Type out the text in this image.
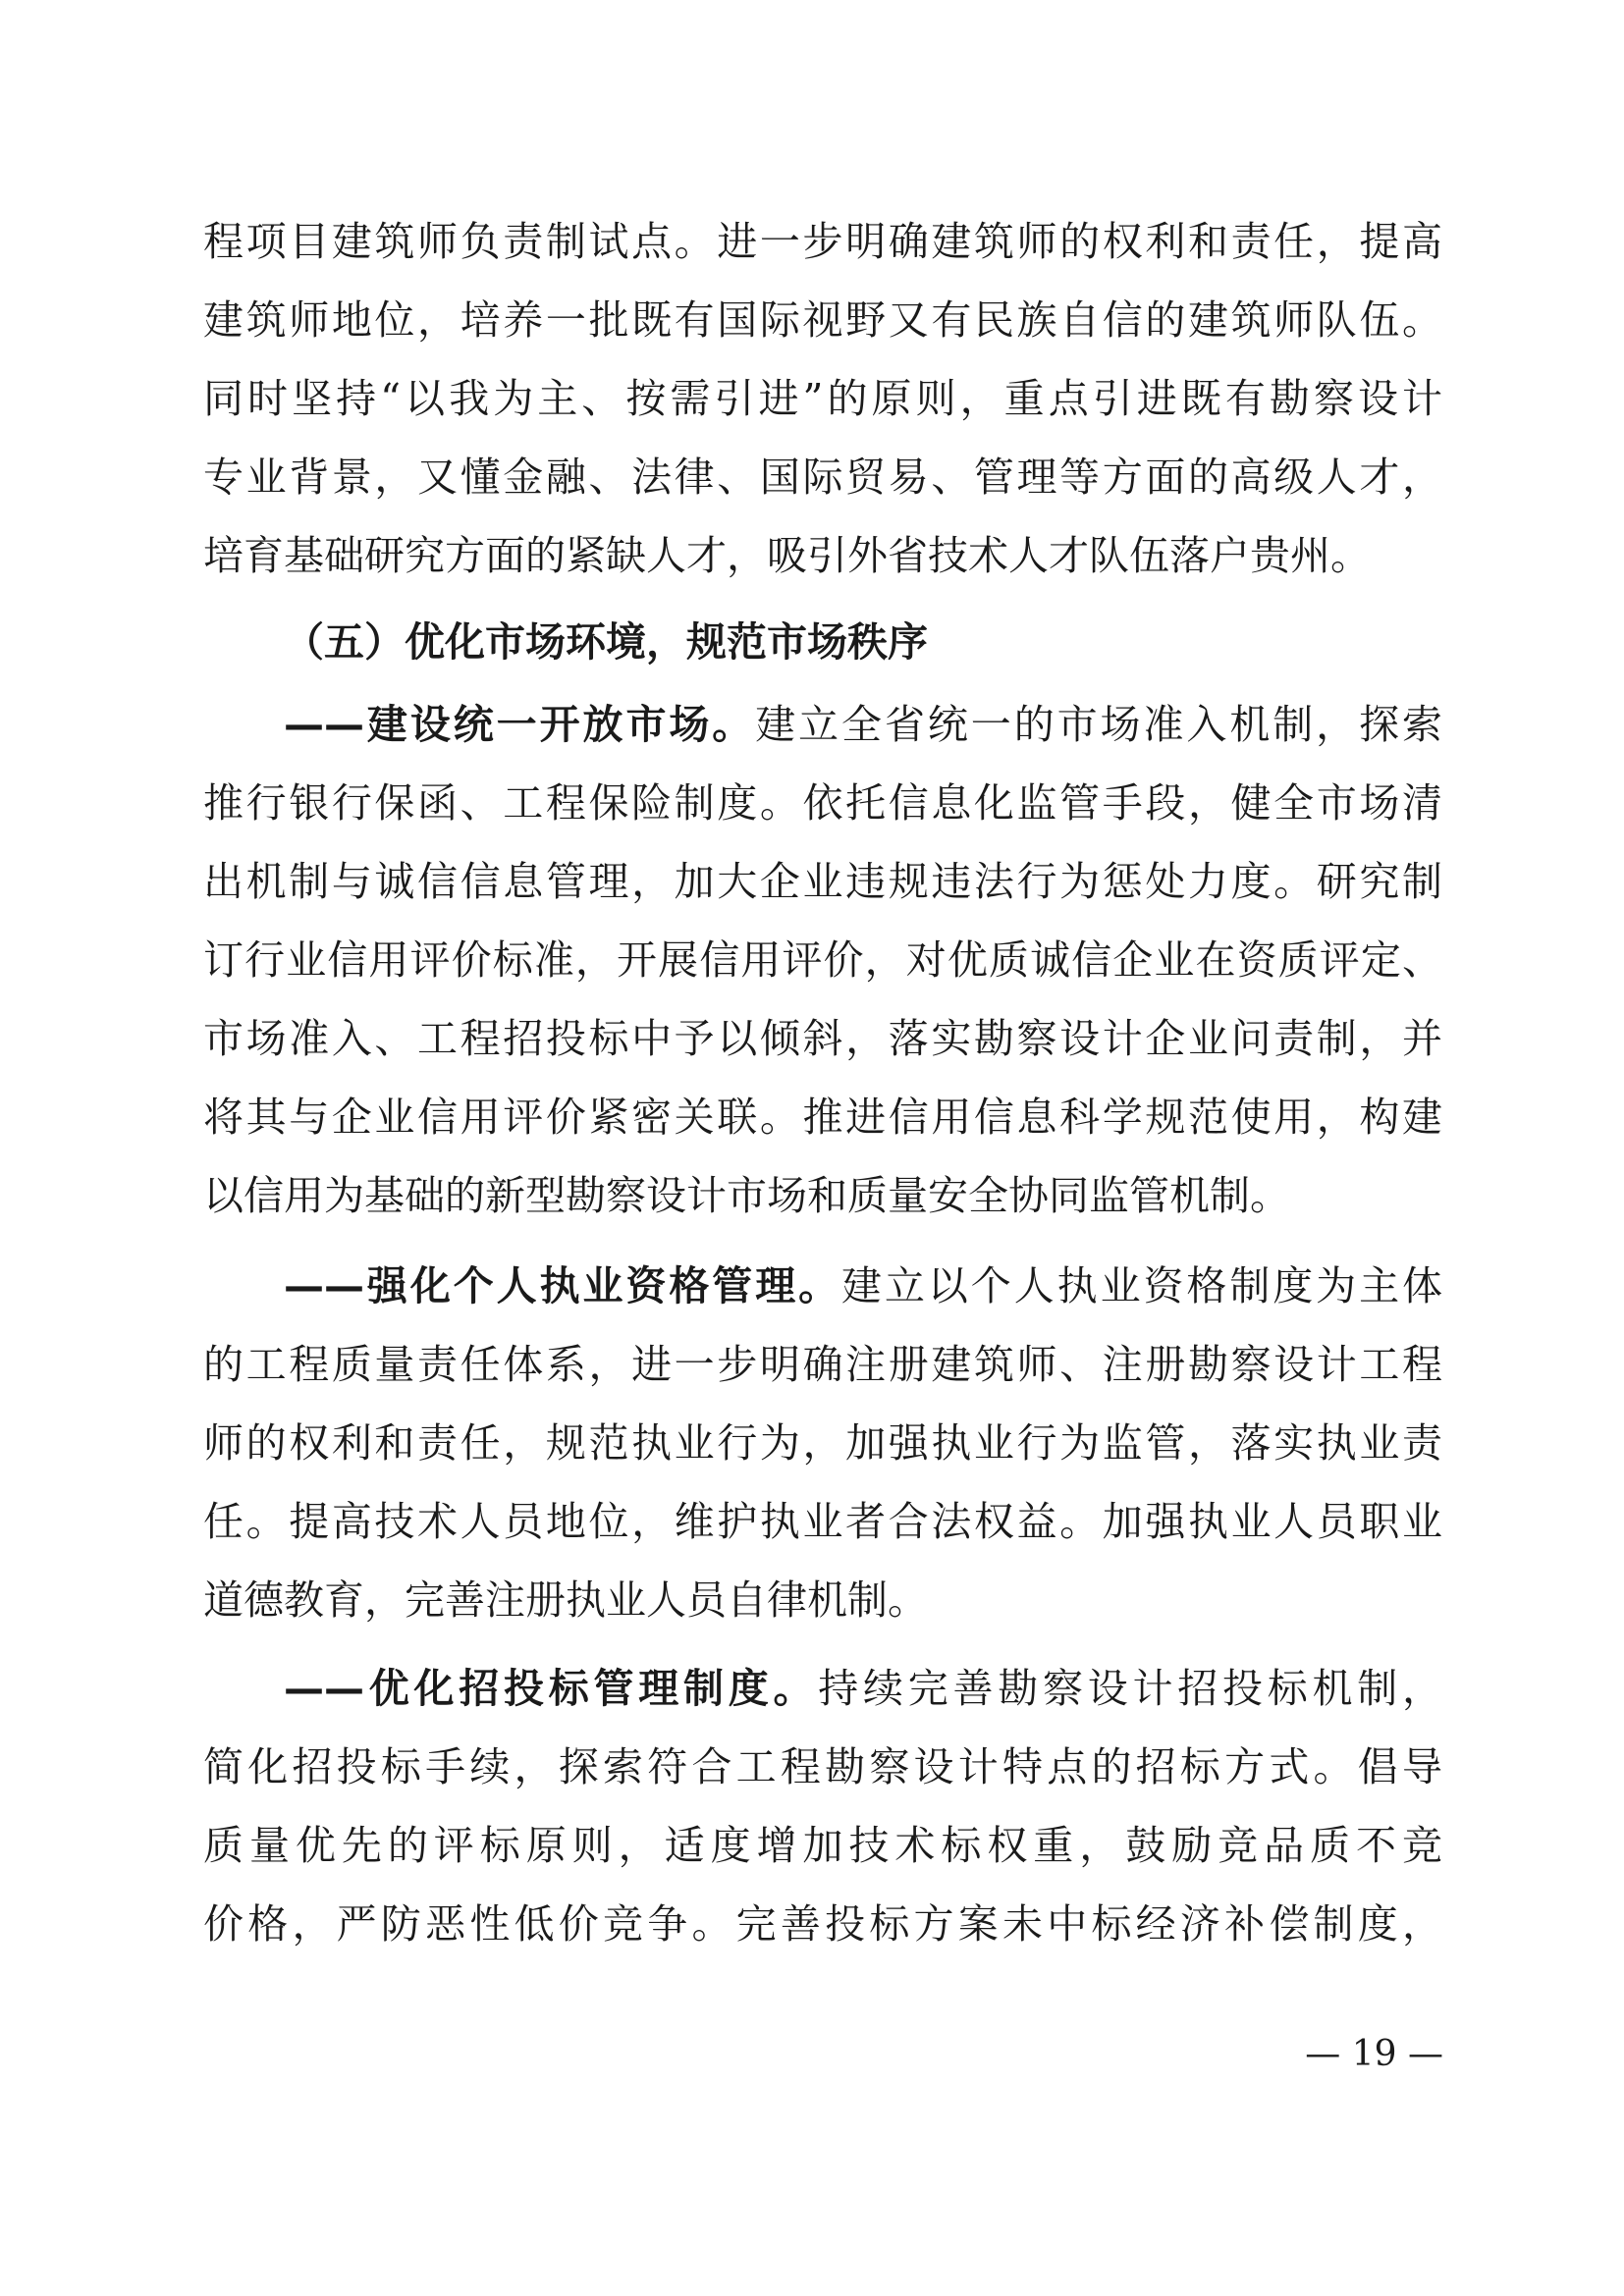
程项目建筑师负责制试点。进一步明确建筑师的权利和责任，提高
建筑师地位，培养一批既有国际视野又有民族自信的建筑师队伍。
同时坚持“以我为主、按需引进”的原则，重点引进既有勘察设计
专业背景，又懂金融、法律、国际贸易、管理等方面的高级人才，
培育基础研究方面的紧缺人才，吸引外省技术人才队伍落户贵州。
（五）优化市场环境，规范市场秩序
——建设统一开放市场。建立全省统一的市场准入机制，探索
推行银行保函、工程保险制度。依托信息化监管手段，健全市场清
出机制与诚信信息管理，加大企业违规违法行为惩处力度。研究制
订行业信用评价标准，开展信用评价，对优质诚信企业在资质评定、
市场准入、工程招投标中予以倾斜，落实勘察设计企业问责制，并
将其与企业信用评价紧密关联。推进信用信息科学规范使用，构建
以信用为基础的新型勘察设计市场和质量安全协同监管机制。
——强化个人执业资格管理。建立以个人执业资格制度为主体
的工程质量责任体系，进一步明确注册建筑师、注册勘察设计工程
师的权利和责任，规范执业行为，加强执业行为监管，落实执业责
任。提高技术人员地位，维护执业者合法权益。加强执业人员职业
道德教育，完善注册执业人员自律机制。
——优化招投标管理制度。持续完善勘察设计招投标机制，
简化招投标手续，探索符合工程勘察设计特点的招标方式。倡导
质量优先的评标原则，适度增加技术标权重，鼓励竞品质不竞
价格，严防恶性低价竞争。完善投标方案未中标经济补偿制度，
— 19 —
